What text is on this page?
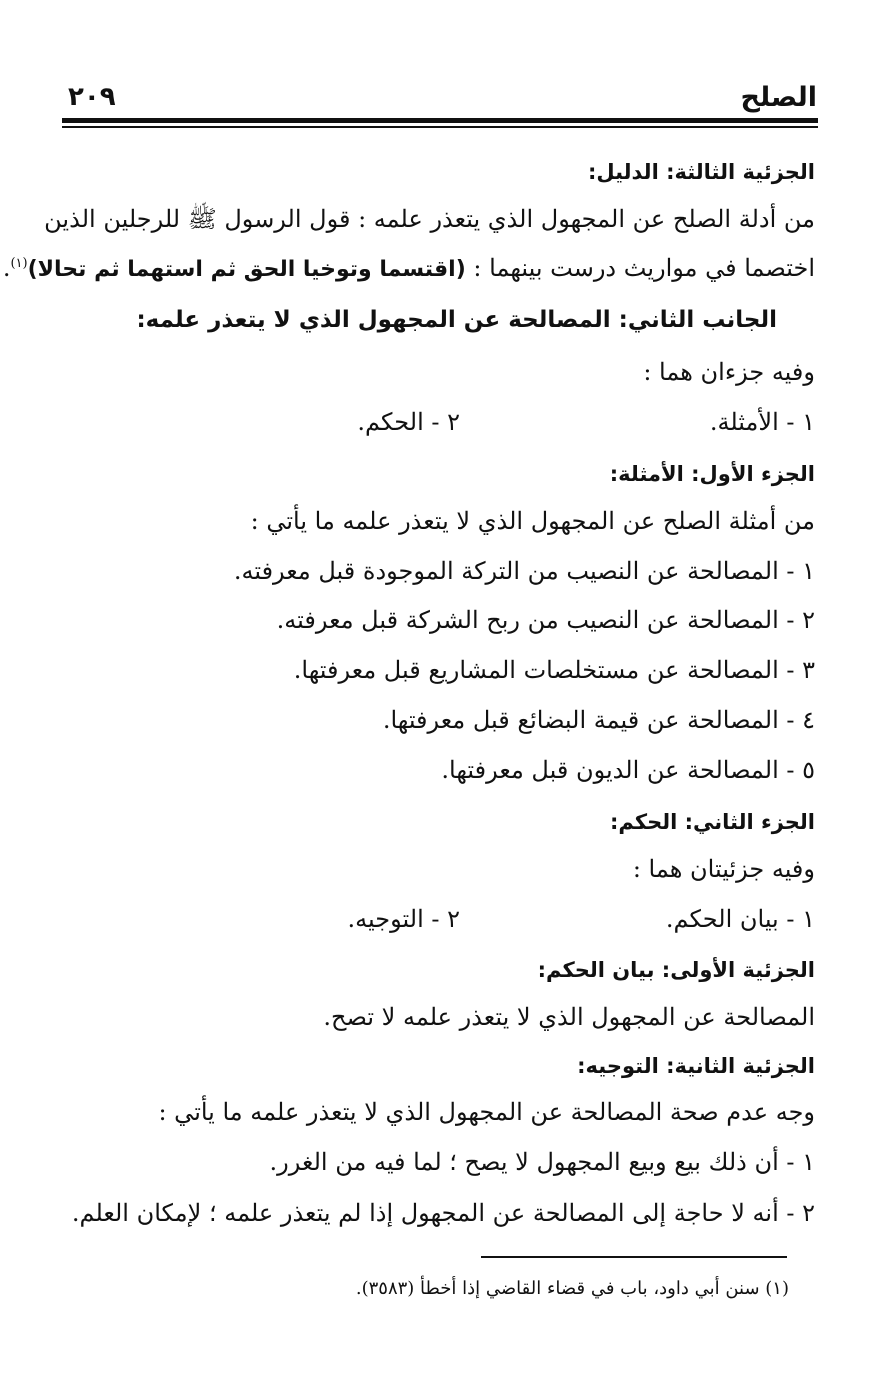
الصلح
٢٠٩
الجزئية الثالثة: الدليل:
من أدلة الصلح عن المجهول الذي يتعذر علمه : قول الرسول ﷺ للرجلين الذين
اختصما في مواريث درست بينهما : (اقتسما وتوخيا الحق ثم استهما ثم تحالا)$^{(١)}$.
الجانب الثاني: المصالحة عن المجهول الذي لا يتعذر علمه:
وفيه جزءان هما :
١ - الأمثلة.
٢ - الحكم.
الجزء الأول: الأمثلة:
من أمثلة الصلح عن المجهول الذي لا يتعذر علمه ما يأتي :
١ - المصالحة عن النصيب من التركة الموجودة قبل معرفته.
٢ - المصالحة عن النصيب من ربح الشركة قبل معرفته.
٣ - المصالحة عن مستخلصات المشاريع قبل معرفتها.
٤ - المصالحة عن قيمة البضائع قبل معرفتها.
٥ - المصالحة عن الديون قبل معرفتها.
الجزء الثاني: الحكم:
وفيه جزئيتان هما :
١ - بيان الحكم.
٢ - التوجيه.
الجزئية الأولى: بيان الحكم:
المصالحة عن المجهول الذي لا يتعذر علمه لا تصح.
الجزئية الثانية: التوجيه:
وجه عدم صحة المصالحة عن المجهول الذي لا يتعذر علمه ما يأتي :
١ - أن ذلك بيع وبيع المجهول لا يصح ؛ لما فيه من الغرر.
٢ - أنه لا حاجة إلى المصالحة عن المجهول إذا لم يتعذر علمه ؛ لإمكان العلم.
(١) سنن أبي داود، باب في قضاء القاضي إذا أخطأ (٣٥٨٣).
